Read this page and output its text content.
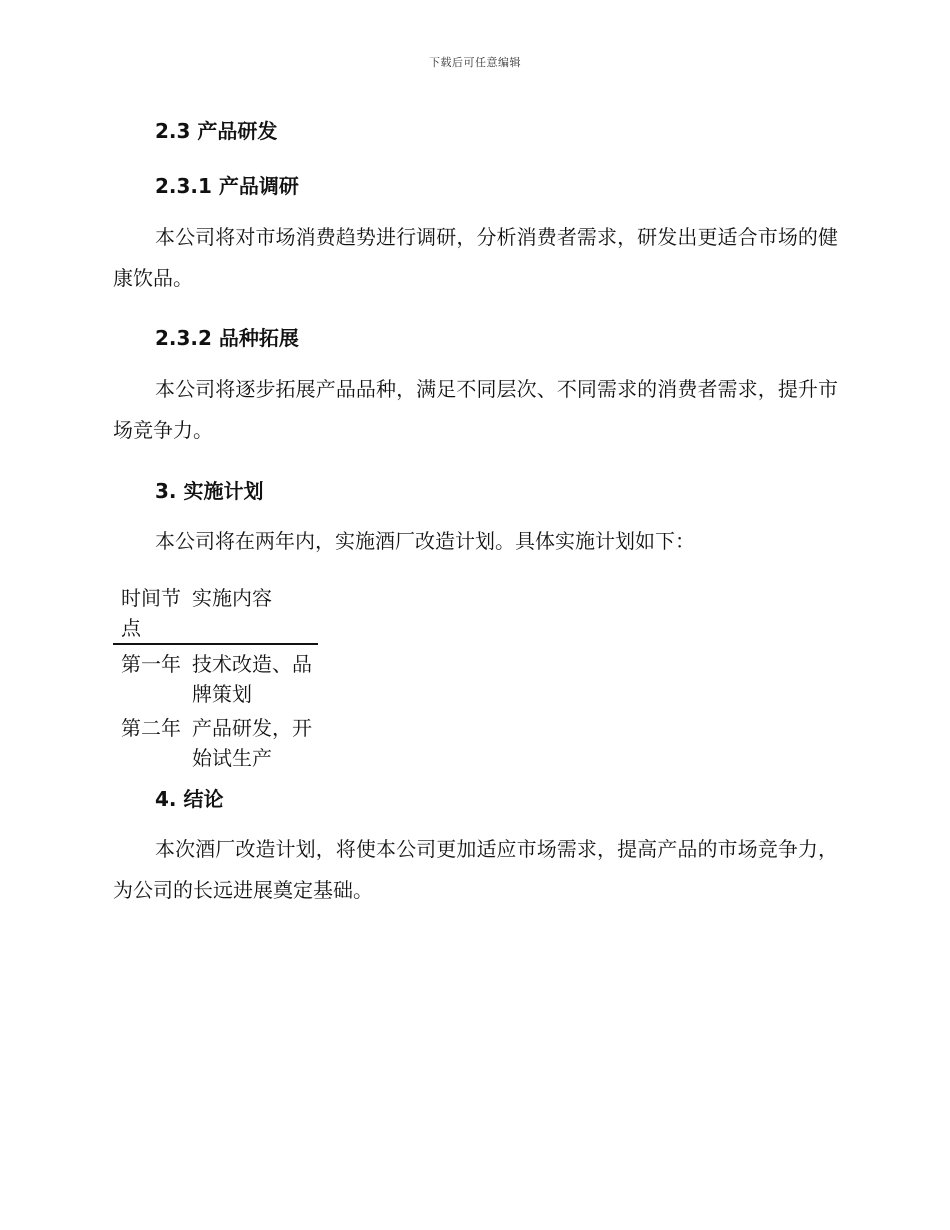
下载后可任意编辑
2.3 产品研发
2.3.1 产品调研
本公司将对市场消费趋势进行调研，分析消费者需求，研发出更适合市场的健康饮品。
2.3.2 品种拓展
本公司将逐步拓展产品品种，满足不同层次、不同需求的消费者需求，提升市场竞争力。
3. 实施计划
本公司将在两年内，实施酒厂改造计划。具体实施计划如下：
时间节点	实施内容
第一年	技术改造、品牌策划
第二年	产品研发，开始试生产
4. 结论
本次酒厂改造计划，将使本公司更加适应市场需求，提高产品的市场竞争力，为公司的长远进展奠定基础。
